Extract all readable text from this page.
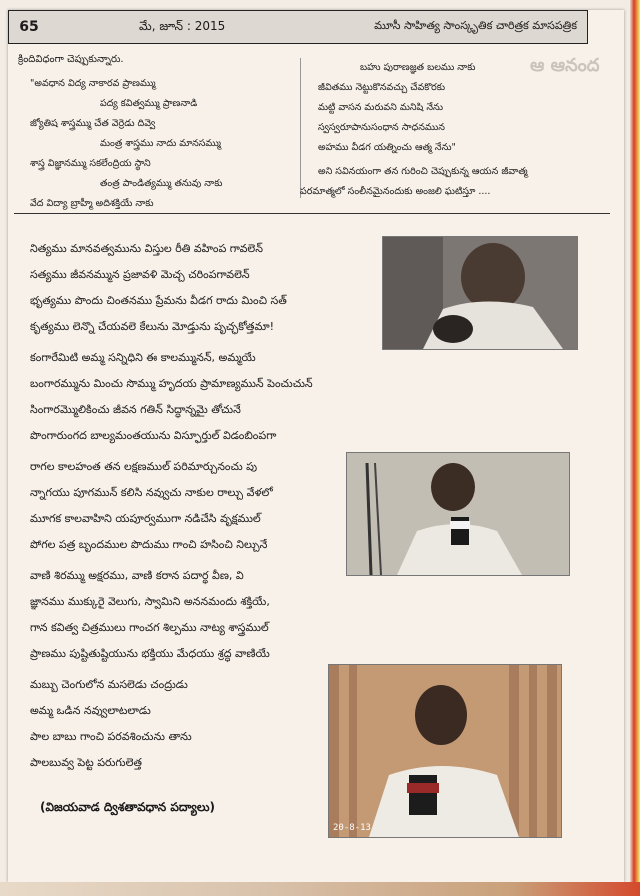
65	మే, జూన్ : 2015	మూసీ సాహిత్య సాంస్కృతిక చారిత్రక మాసపత్రిక
ఆ ఆనంద
క్రిందివిధంగా చెప్పుకున్నారు.
"అవధాన విద్య నాకారవ ప్రాణమ్ము
పద్య కవిత్వమ్ము ప్రాణనాడి
జ్యోతిష శాస్త్రమ్ము చేత వెర్రెడు దివ్వె
మంత్ర శాస్త్రము నాదు మానసమ్ము
శాస్త్ర విజ్ఞానమ్ము సకలేంద్రియ స్థాని
తంత్ర పాండిత్యమ్ము తనువు నాకు
వేద విద్యా బ్రాహ్మీ అదిశక్తియే నాకు
బహు పురాణజ్ఞత బలము నాకు
జీవితము నెట్టుకొనవచ్చు చేవకొరకు
మట్టి వాసన మరువని మనిషి నేను
స్వస్వరూపానుసంధాన సాధనమున
అహము వీడగ యత్నించు ఆత్మ నేను"
అని సవినయంగా తన గురించి చెప్పుకున్న ఆయన జీవాత్మ
పరమాత్మలో సంలీనమైనందుకు అంజలి ఘటిస్తూ ....
నిత్యము మానవత్వమును విస్తుల రీతి వహింప గావలెన్
సత్యము జీవనమ్మున ప్రజావళి మెచ్చ చరింపగావలెన్
భృత్యము పొందు చింతనము ప్రేమను వీడగ రాదు మించి సత్
కృత్యము లెన్నొ చేయవలె కేలును మోడ్తును పృచ్ఛకోత్తమా!
కంగారేమిటి అమ్మ సన్నిధిని ఈ కాలమ్మునన్, అమ్మయే
బంగారమ్మును మించు సొమ్ము హృదయ ప్రామాణ్యమున్ పెంచుచున్
సింగారమ్మొలికించు జీవన గతిన్ సిద్ధాన్నమై తోచునే
పొంగారుంగద బాల్యమంతయును విస్ఫూర్తుల్ విడంబింపగా
రాగల కాలహంత తన లక్షణముల్ పరిమార్చునంచు పు
న్నాగయు పూగమున్ కలిసి నవ్వుచు నాకుల రాల్చు వేళలో
మూగక కాలవాహిని యపూర్వముగా నడిచేసి వృక్షముల్
పోగల పత్ర బృందముల పొదుము గాంచి హసించి నిల్చునే
వాణి శిరమ్ము అక్షరము, వాణి కరాన పదార్థ వీణ, వి
జ్ఞానము ముక్కురై వెలుగు, స్వామిని అననమందు శక్తియే,
గాన కవిత్వ చిత్రములు గాంచగ శిల్పము నాట్య శాస్త్రముల్
ప్రాణము పుష్టితుష్టియును భక్తియు మేధయు శ్రద్ధ వాణియే
మబ్బు చెంగులోన మసలెడు చంద్రుడు
అమ్మ ఒడిన నవ్వులాటలాడు
పాల బాబు గాంచి పరవశించును తాను
పాలబువ్వ పెట్ట పరుగులెత్త
(విజయవాడ ద్విశతావధాన పద్యాలు)
20-8-13
